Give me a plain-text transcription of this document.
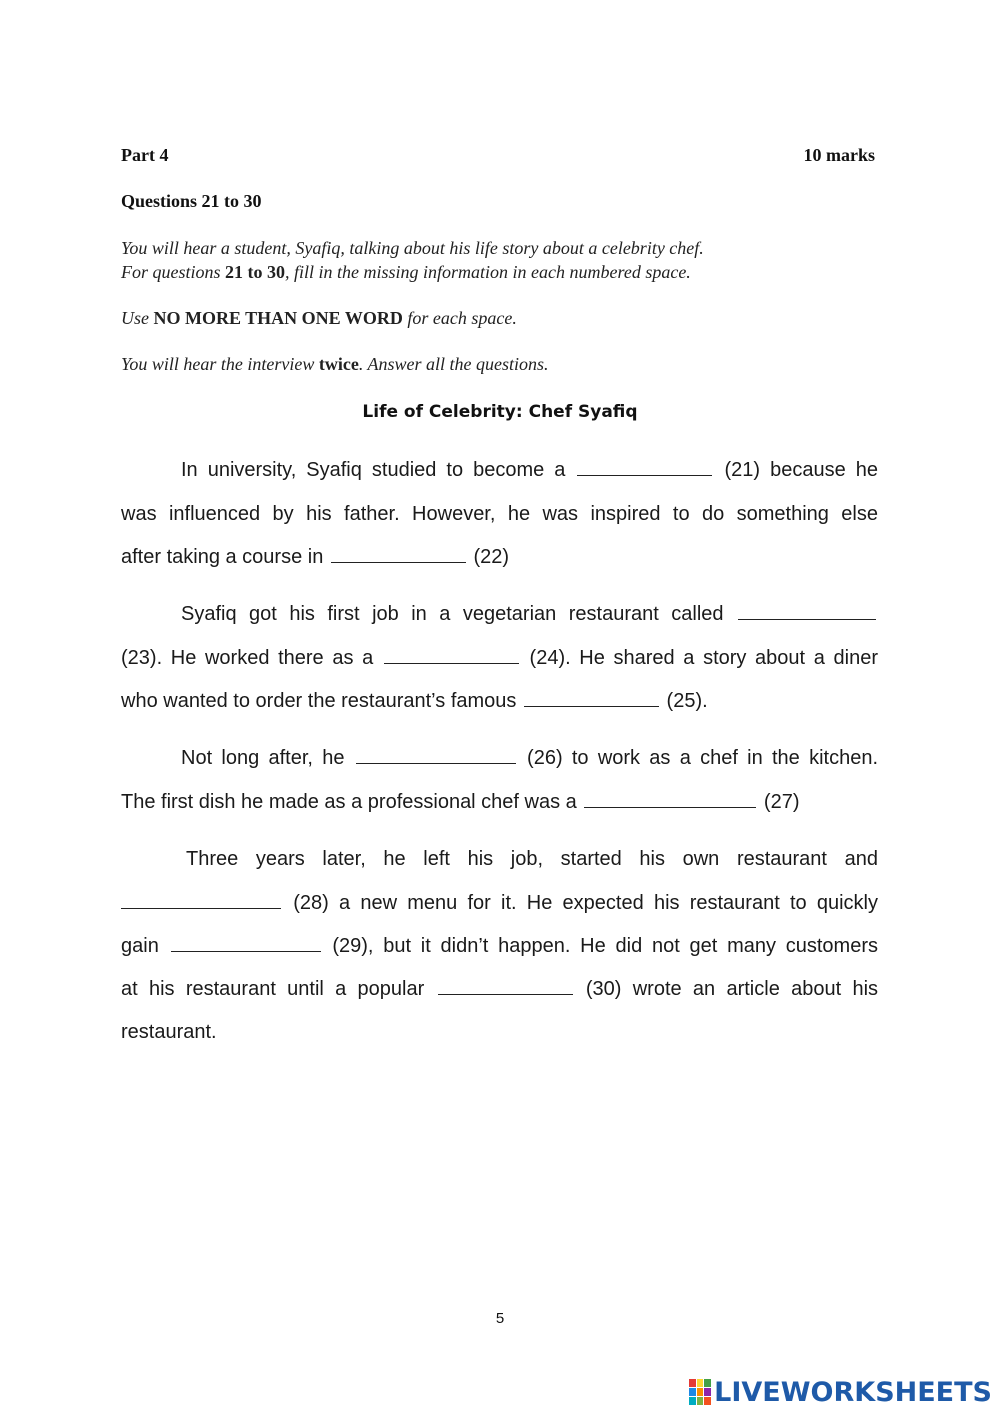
Part 4	10 marks
Questions 21 to 30
You will hear a student, Syafiq, talking about his life story about a celebrity chef.
For questions 21 to 30, fill in the missing information in each numbered space.
Use NO MORE THAN ONE WORD for each space.
You will hear the interview twice. Answer all the questions.
Life of Celebrity: Chef Syafiq
In university, Syafiq studied to become a	(21) because he
was influenced by his father. However, he was inspired to do something else
after taking a course in	(22)
Syafiq got his first job in a vegetarian restaurant called
(23). He worked there as a	(24). He shared a story about a diner
who wanted to order the restaurant’s famous	(25).
Not long after, he	(26) to work as a chef in the kitchen.
The first dish he made as a professional chef was a	(27)
Three years later, he left his job, started his own restaurant and
(28) a new menu for it. He expected his restaurant to quickly
gain	(29), but it didn’t happen. He did not get many customers
at his restaurant until a popular	(30) wrote an article about his
restaurant.
5
LIVEWORKSHEETS
